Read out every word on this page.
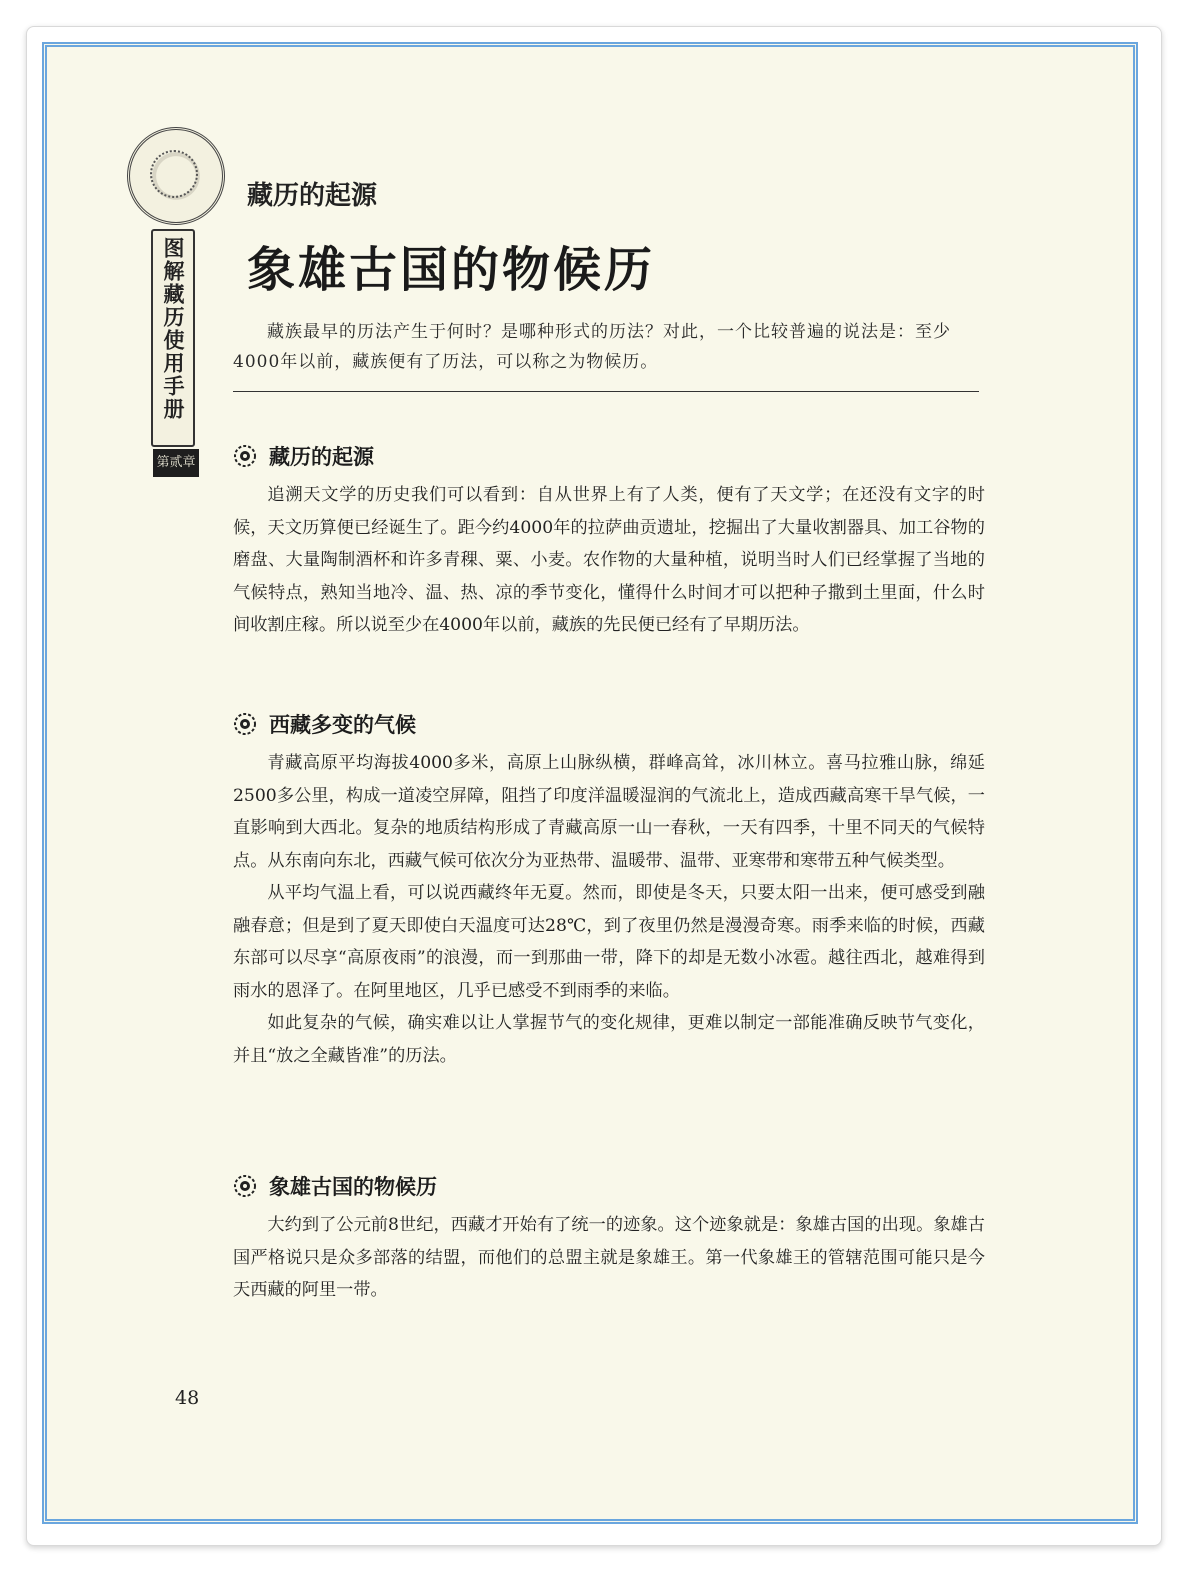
图解藏历使用手册
第贰章
藏历的起源
象雄古国的物候历
藏族最早的历法产生于何时？是哪种形式的历法？对此，一个比较普遍的说法是：至少4000年以前，藏族便有了历法，可以称之为物候历。
藏历的起源

追溯天文学的历史我们可以看到：自从世界上有了人类，便有了天文学；在还没有文字的时候，天文历算便已经诞生了。距今约4000年的拉萨曲贡遗址，挖掘出了大量收割器具、加工谷物的磨盘、大量陶制酒杯和许多青稞、粟、小麦。农作物的大量种植，说明当时人们已经掌握了当地的气候特点，熟知当地冷、温、热、凉的季节变化，懂得什么时间才可以把种子撒到土里面，什么时间收割庄稼。所以说至少在4000年以前，藏族的先民便已经有了早期历法。

西藏多变的气候

青藏高原平均海拔4000多米，高原上山脉纵横，群峰高耸，冰川林立。喜马拉雅山脉，绵延2500多公里，构成一道凌空屏障，阻挡了印度洋温暖湿润的气流北上，造成西藏高寒干旱气候，一直影响到大西北。复杂的地质结构形成了青藏高原一山一春秋，一天有四季，十里不同天的气候特点。从东南向东北，西藏气候可依次分为亚热带、温暖带、温带、亚寒带和寒带五种气候类型。

从平均气温上看，可以说西藏终年无夏。然而，即使是冬天，只要太阳一出来，便可感受到融融春意；但是到了夏天即使白天温度可达28℃，到了夜里仍然是漫漫奇寒。雨季来临的时候，西藏东部可以尽享“高原夜雨”的浪漫，而一到那曲一带，降下的却是无数小冰雹。越往西北，越难得到雨水的恩泽了。在阿里地区，几乎已感受不到雨季的来临。

如此复杂的气候，确实难以让人掌握节气的变化规律，更难以制定一部能准确反映节气变化，并且“放之全藏皆准”的历法。

象雄古国的物候历

大约到了公元前8世纪，西藏才开始有了统一的迹象。这个迹象就是：象雄古国的出现。象雄古国严格说只是众多部落的结盟，而他们的总盟主就是象雄王。第一代象雄王的管辖范围可能只是今天西藏的阿里一带。

48
